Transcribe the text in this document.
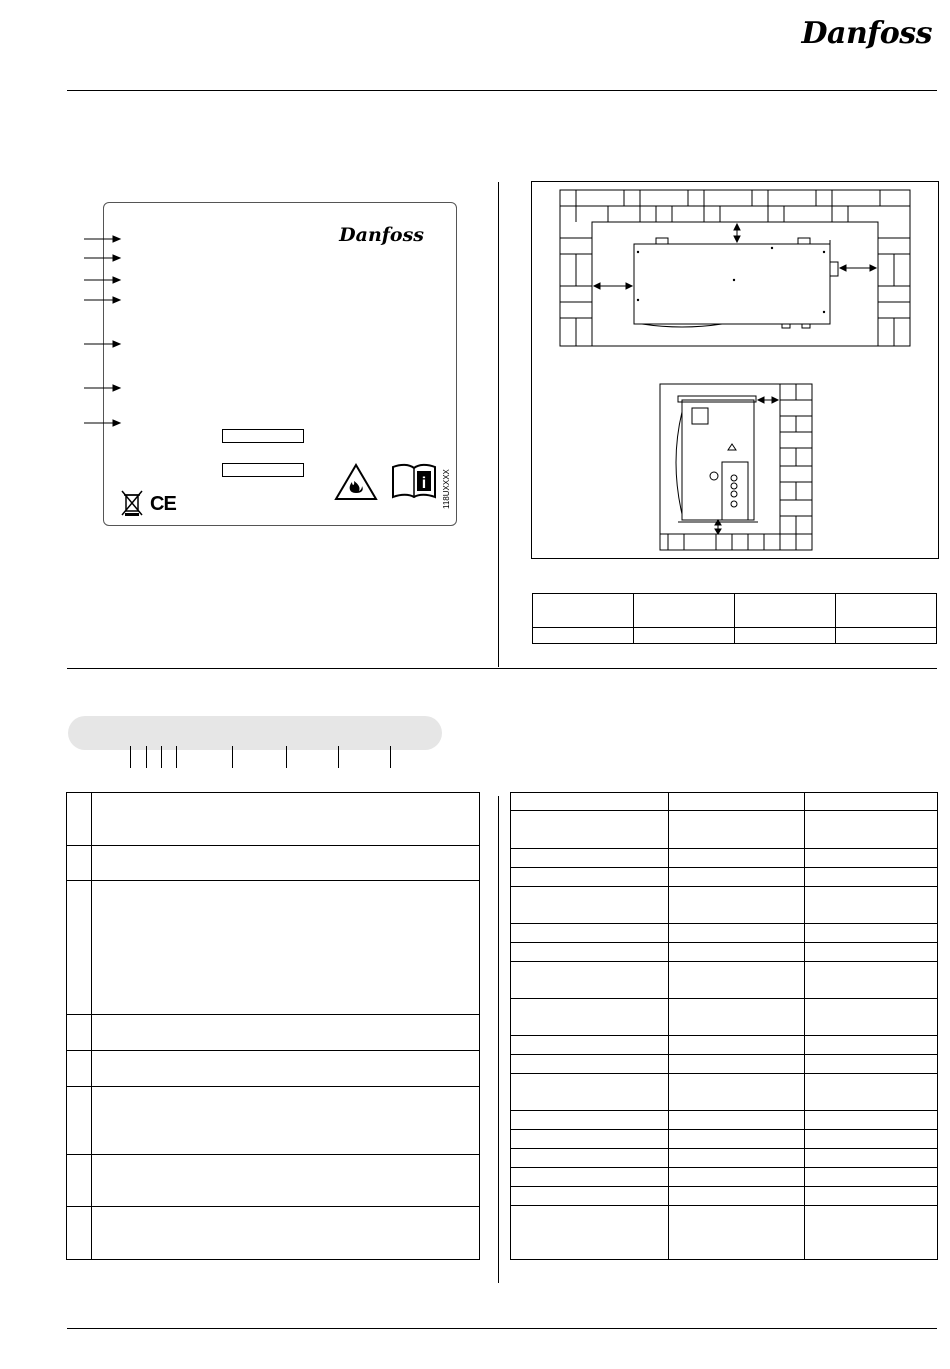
Danfoss
Danfoss
i 118UXXXX
CE
